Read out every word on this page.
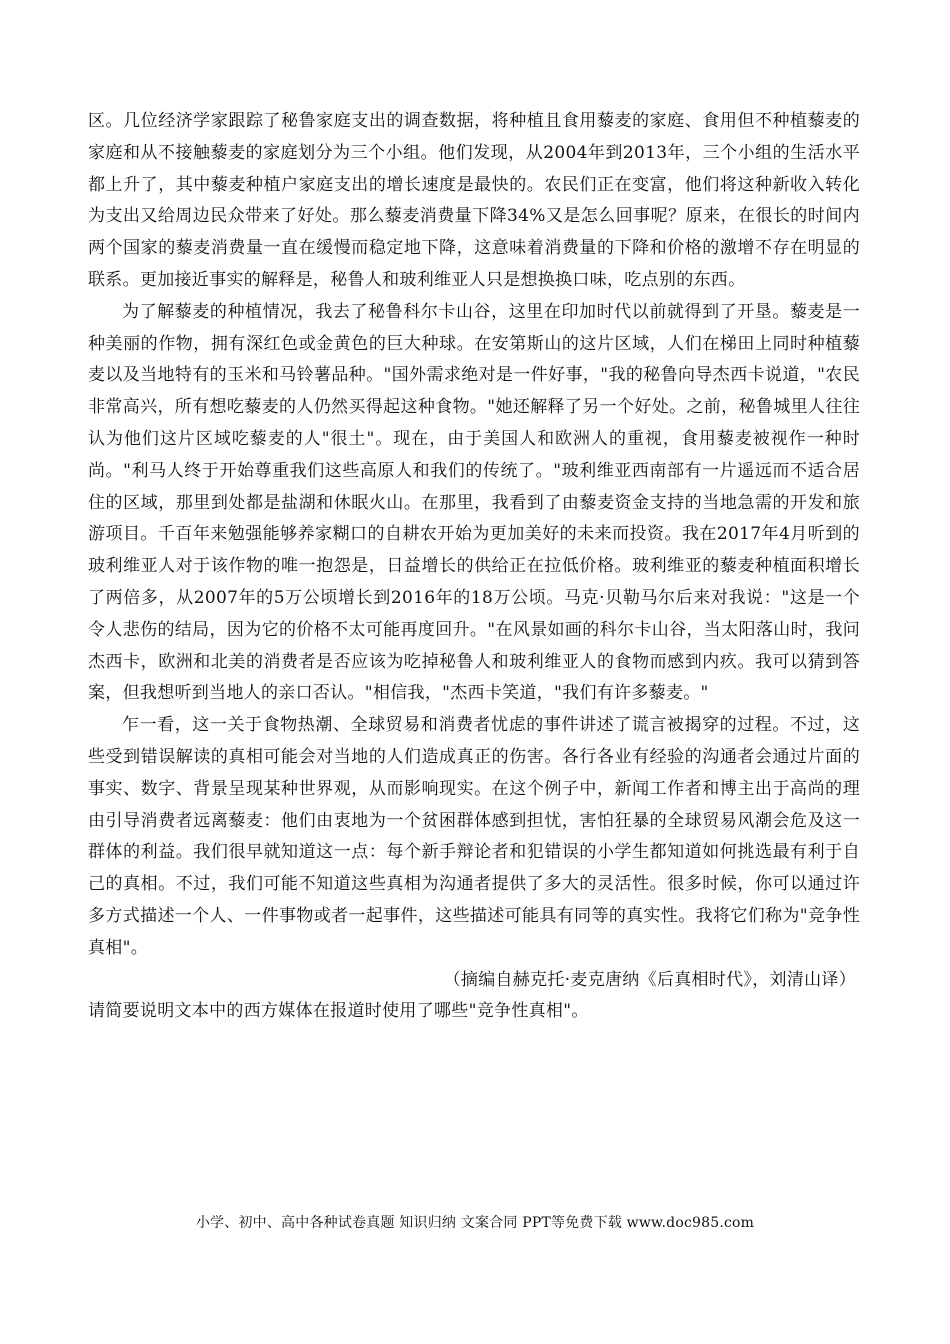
区。几位经济学家跟踪了秘鲁家庭支出的调查数据，将种植且食用藜麦的家庭、食用但不种植藜麦的家庭和从不接触藜麦的家庭划分为三个小组。他们发现，从2004年到2013年，三个小组的生活水平都上升了，其中藜麦种植户家庭支出的增长速度是最快的。农民们正在变富，他们将这种新收入转化为支出又给周边民众带来了好处。那么藜麦消费量下降34%又是怎么回事呢？原来，在很长的时间内两个国家的藜麦消费量一直在缓慢而稳定地下降，这意味着消费量的下降和价格的激增不存在明显的联系。更加接近事实的解释是，秘鲁人和玻利维亚人只是想换换口味，吃点别的东西。

为了解藜麦的种植情况，我去了秘鲁科尔卡山谷，这里在印加时代以前就得到了开垦。藜麦是一种美丽的作物，拥有深红色或金黄色的巨大种球。在安第斯山的这片区域，人们在梯田上同时种植藜麦以及当地特有的玉米和马铃薯品种。"国外需求绝对是一件好事，"我的秘鲁向导杰西卡说道，"农民非常高兴，所有想吃藜麦的人仍然买得起这种食物。"她还解释了另一个好处。之前，秘鲁城里人往往认为他们这片区域吃藜麦的人"很土"。现在，由于美国人和欧洲人的重视，食用藜麦被视作一种时尚。"利马人终于开始尊重我们这些高原人和我们的传统了。"玻利维亚西南部有一片遥远而不适合居住的区域，那里到处都是盐湖和休眠火山。在那里，我看到了由藜麦资金支持的当地急需的开发和旅游项目。千百年来勉强能够养家糊口的自耕农开始为更加美好的未来而投资。我在2017年4月听到的玻利维亚人对于该作物的唯一抱怨是，日益增长的供给正在拉低价格。玻利维亚的藜麦种植面积增长了两倍多，从2007年的5万公顷增长到2016年的18万公顷。马克·贝勒马尔后来对我说："这是一个令人悲伤的结局，因为它的价格不太可能再度回升。"在风景如画的科尔卡山谷，当太阳落山时，我问杰西卡，欧洲和北美的消费者是否应该为吃掉秘鲁人和玻利维亚人的食物而感到内疚。我可以猜到答案，但我想听到当地人的亲口否认。"相信我，"杰西卡笑道，"我们有许多藜麦。"

乍一看，这一关于食物热潮、全球贸易和消费者忧虑的事件讲述了谎言被揭穿的过程。不过，这些受到错误解读的真相可能会对当地的人们造成真正的伤害。各行各业有经验的沟通者会通过片面的事实、数字、背景呈现某种世界观，从而影响现实。在这个例子中，新闻工作者和博主出于高尚的理由引导消费者远离藜麦：他们由衷地为一个贫困群体感到担忧，害怕狂暴的全球贸易风潮会危及这一群体的利益。我们很早就知道这一点：每个新手辩论者和犯错误的小学生都知道如何挑选最有利于自己的真相。不过，我们可能不知道这些真相为沟通者提供了多大的灵活性。很多时候，你可以通过许多方式描述一个人、一件事物或者一起事件，这些描述可能具有同等的真实性。我将它们称为"竞争性真相"。

（摘编自赫克托·麦克唐纳《后真相时代》，刘清山译）

请简要说明文本中的西方媒体在报道时使用了哪些"竞争性真相"。

小学、初中、高中各种试卷真题 知识归纳 文案合同 PPT等免费下载 www.doc985.com
